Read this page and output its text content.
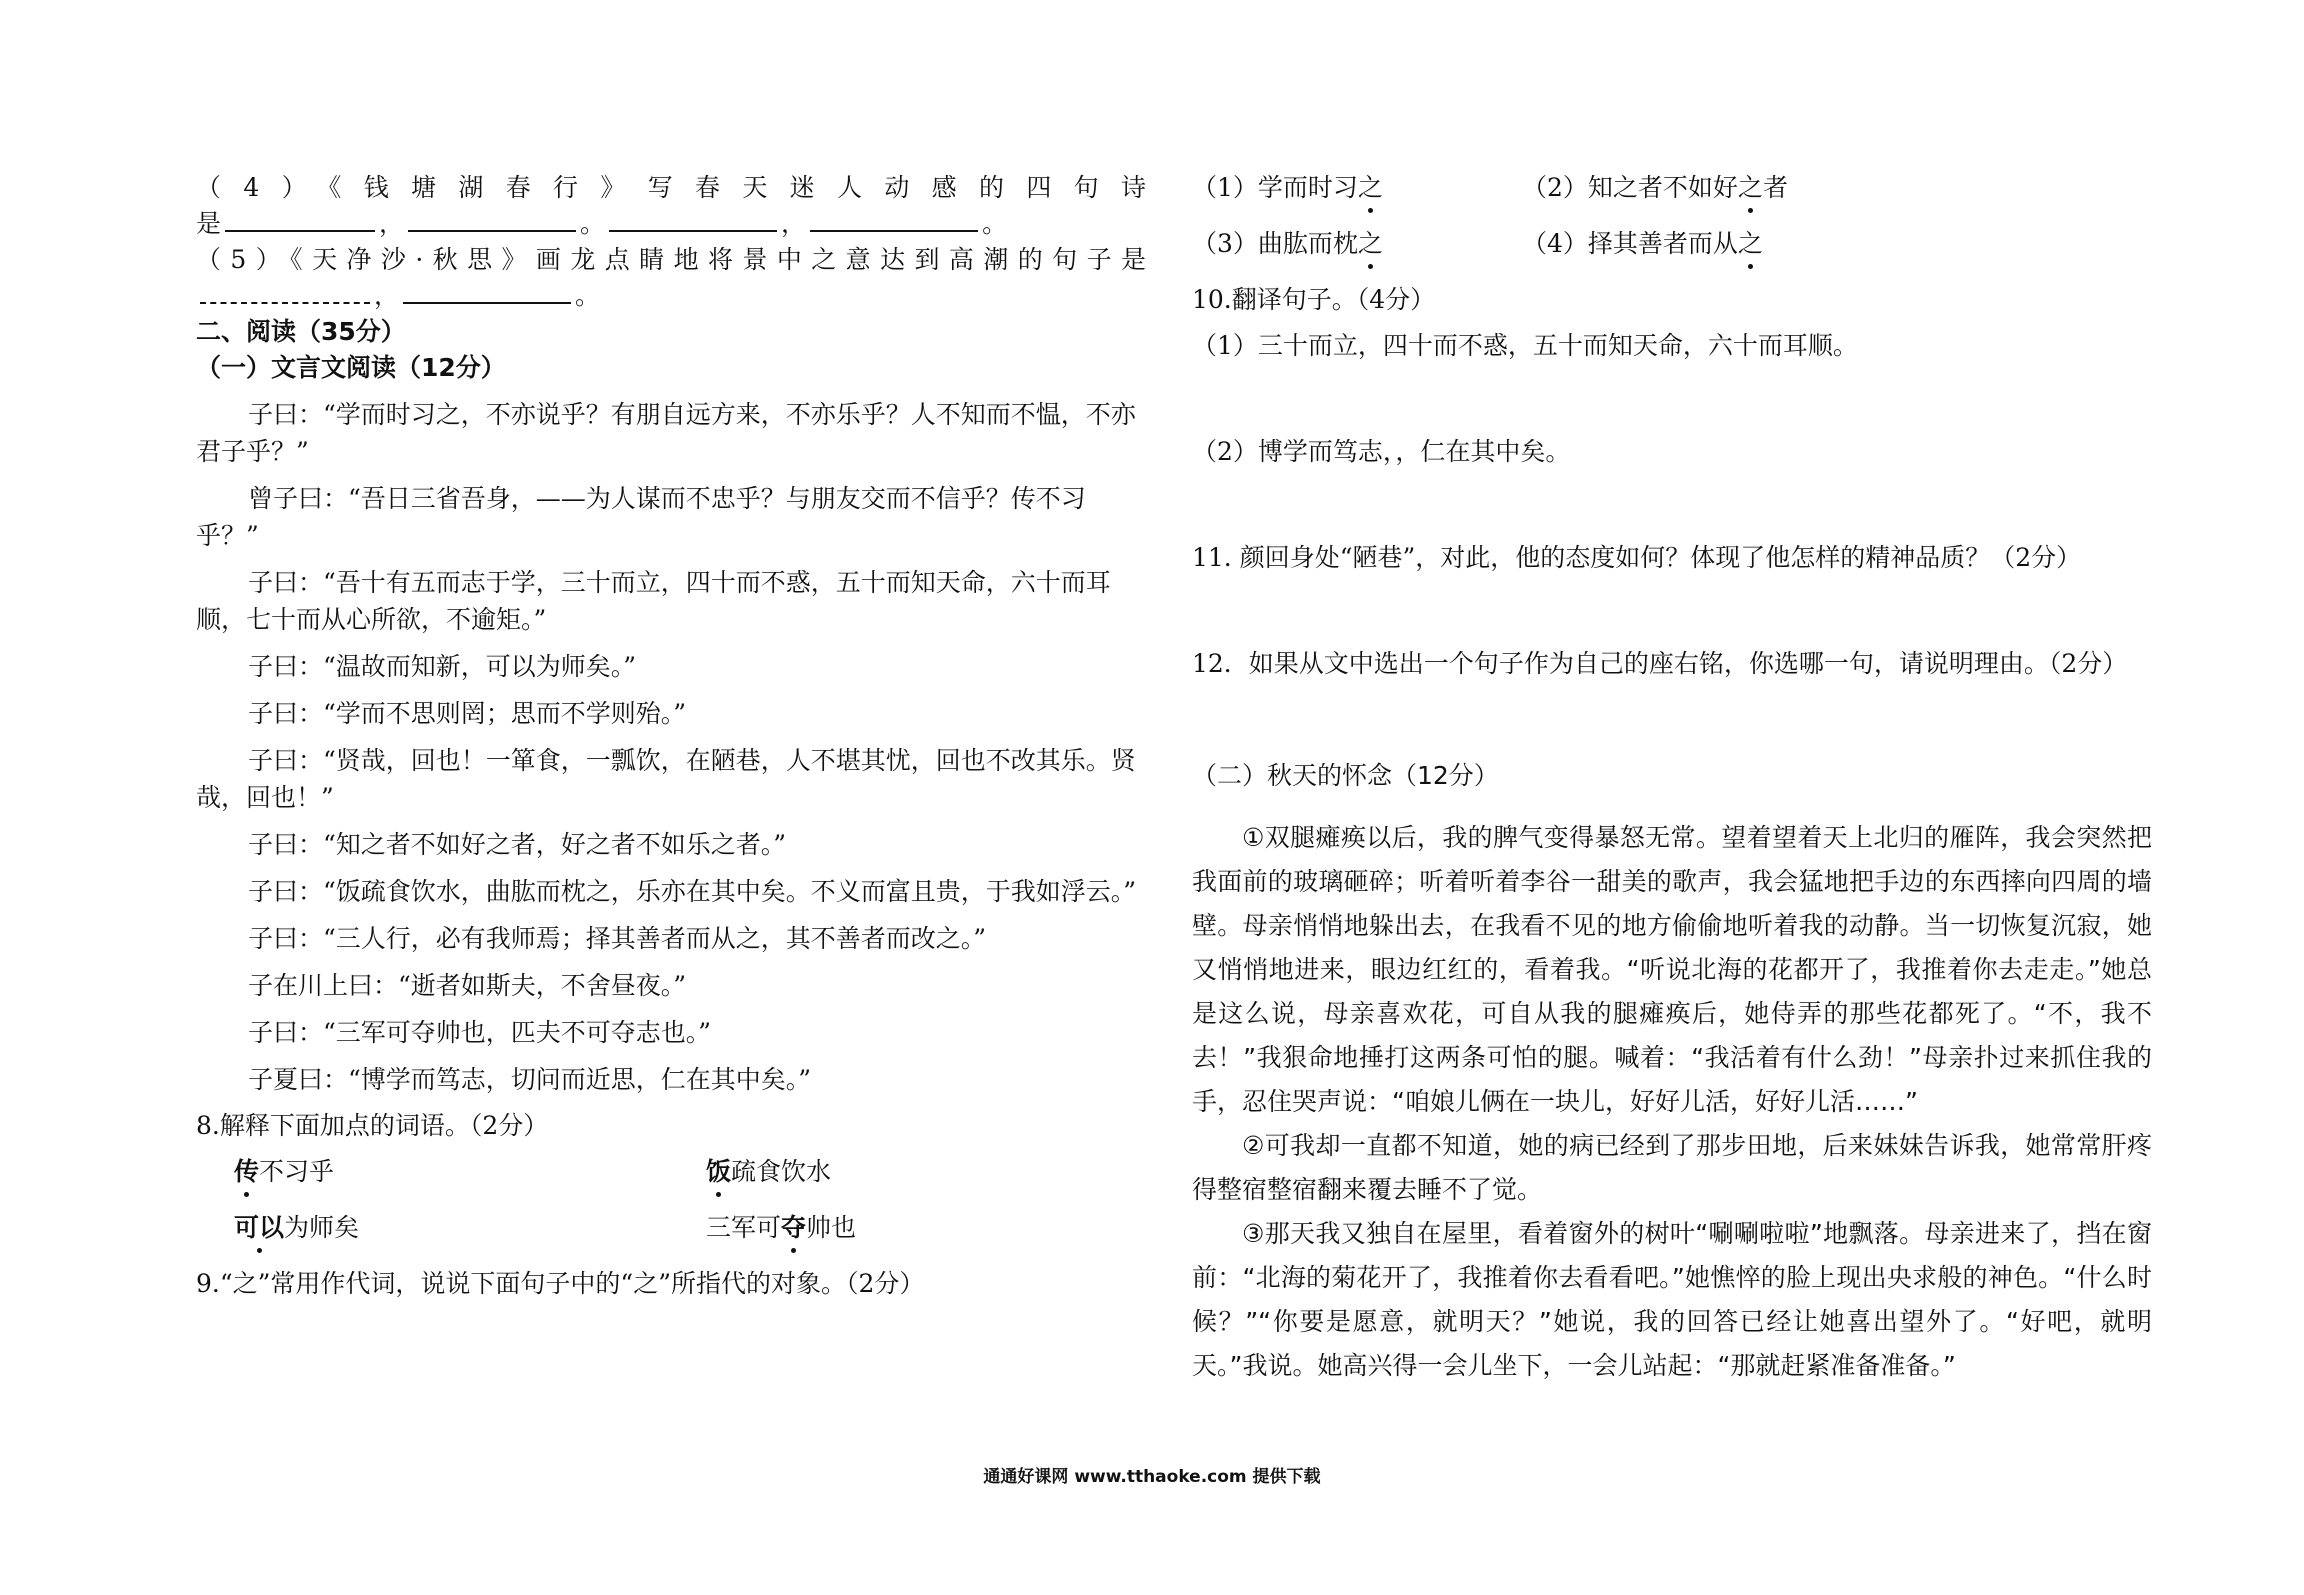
（4）《钱塘湖春行》写春天迷人动感的四句诗
是	，	。	，	。
（5）《天净沙·秋思》画龙点睛地将景中之意达到高潮的句子是
，	。
二、阅读（35分）
（一）文言文阅读（12分）
子曰：“学而时习之，不亦说乎？有朋自远方来，不亦乐乎？人不知而不愠，不亦君子乎？”
曾子曰：“吾日三省吾身，——为人谋而不忠乎？与朋友交而不信乎？传不习乎？”
子曰：“吾十有五而志于学，三十而立，四十而不惑，五十而知天命，六十而耳顺，七十而从心所欲，不逾矩。”
子曰：“温故而知新，可以为师矣。”
子曰：“学而不思则罔；思而不学则殆。”
子曰：“贤哉，回也！一箪食，一瓢饮，在陋巷，人不堪其忧，回也不改其乐。贤哉，回也！”
子曰：“知之者不如好之者，好之者不如乐之者。”
子曰：“饭疏食饮水，曲肱而枕之，乐亦在其中矣。不义而富且贵，于我如浮云。”
子曰：“三人行，必有我师焉；择其善者而从之，其不善者而改之。”
子在川上曰：“逝者如斯夫，不舍昼夜。”
子曰：“三军可夺帅也，匹夫不可夺志也。”
子夏曰：“博学而笃志，切问而近思，仁在其中矣。”
8.解释下面加点的词语。（2分）
传不习乎	饭疏食饮水
可以为师矣	三军可夺帅也
9.“之”常用作代词，说说下面句子中的“之”所指代的对象。（2分）
（1）学而时习之	（2）知之者不如好之者
（3）曲肱而枕之	（4）择其善者而从之
10.翻译句子。（4分）
（1）三十而立，四十而不惑，五十而知天命，六十而耳顺。
（2）博学而笃志，，仁在其中矣。
11. 颜回身处“陋巷”，对此，他的态度如何？体现了他怎样的精神品质？（2分）
12．如果从文中选出一个句子作为自己的座右铭，你选哪一句，请说明理由。（2分）
（二）秋天的怀念（12分）

①双腿瘫痪以后，我的脾气变得暴怒无常。望着望着天上北归的雁阵，我会突然把我面前的玻璃砸碎；听着听着李谷一甜美的歌声，我会猛地把手边的东西摔向四周的墙壁。母亲悄悄地躲出去，在我看不见的地方偷偷地听着我的动静。当一切恢复沉寂，她又悄悄地进来，眼边红红的，看着我。“听说北海的花都开了，我推着你去走走。”她总是这么说，母亲喜欢花，可自从我的腿瘫痪后，她侍弄的那些花都死了。“不，我不去！”我狠命地捶打这两条可怕的腿。喊着：“我活着有什么劲！”母亲扑过来抓住我的手，忍住哭声说：“咱娘儿俩在一块儿，好好儿活，好好儿活……”

②可我却一直都不知道，她的病已经到了那步田地，后来妹妹告诉我，她常常肝疼得整宿整宿翻来覆去睡不了觉。

③那天我又独自在屋里，看着窗外的树叶“唰唰啦啦”地飘落。母亲进来了，挡在窗前：“北海的菊花开了，我推着你去看看吧。”她憔悴的脸上现出央求般的神色。“什么时候？”“你要是愿意，就明天？”她说，我的回答已经让她喜出望外了。“好吧，就明天。”我说。她高兴得一会儿坐下，一会儿站起：“那就赶紧准备准备。”

通通好课网 www.tthaoke.com 提供下载
